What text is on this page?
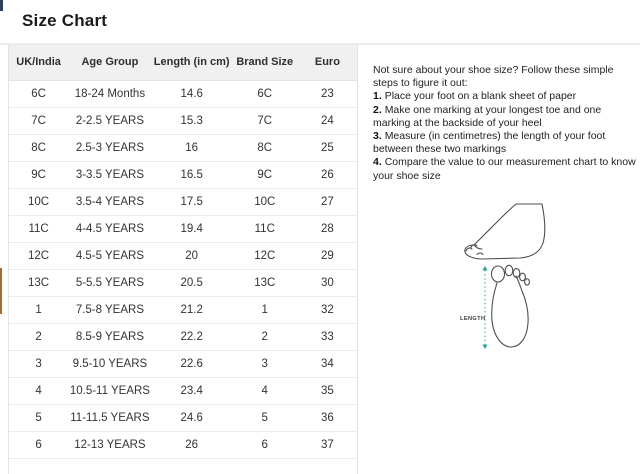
Size Chart
UK/India	Age Group	Length (in cm)	Brand Size	Euro
6C	18-24 Months	14.6	6C	23
7C	2-2.5 YEARS	15.3	7C	24
8C	2.5-3 YEARS	16	8C	25
9C	3-3.5 YEARS	16.5	9C	26
10C	3.5-4 YEARS	17.5	10C	27
11C	4-4.5 YEARS	19.4	11C	28
12C	4.5-5 YEARS	20	12C	29
13C	5-5.5 YEARS	20.5	13C	30
1	7.5-8 YEARS	21.2	1	32
2	8.5-9 YEARS	22.2	2	33
3	9.5-10 YEARS	22.6	3	34
4	10.5-11 YEARS	23.4	4	35
5	11-11.5 YEARS	24.6	5	36
6	12-13 YEARS	26	6	37

Not sure about your shoe size? Follow these simple steps to figure it out:

1. Place your foot on a blank sheet of paper

2. Make one marking at your longest toe and one marking at the backside of your heel

3. Measure (in centimetres) the length of your foot between these two markings

4. Compare the value to our measurement chart to know your shoe size

LENGTH
